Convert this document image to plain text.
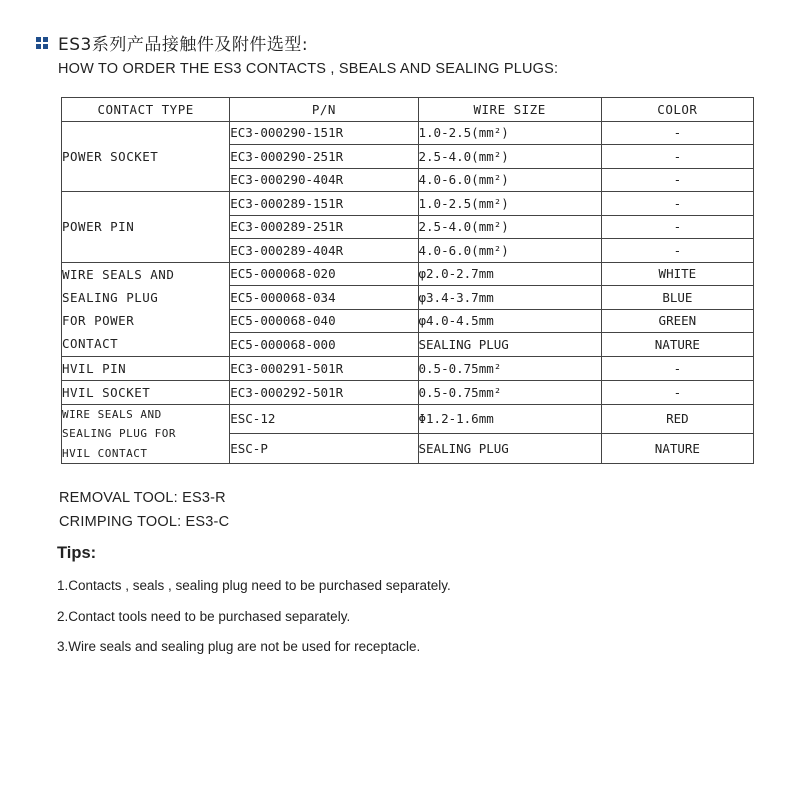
ES3系列产品接触件及附件选型:
HOW TO ORDER THE ES3 CONTACTS , SBEALS AND SEALING PLUGS:
CONTACT TYPE	P/N	WIRE SIZE	COLOR

POWER SOCKET	EC3-000290-151R	1.0-2.5(mm²)	-
	EC3-000290-251R	2.5-4.0(mm²)	-
	EC3-000290-404R	4.0-6.0(mm²)	-

POWER PIN	EC3-000289-151R	1.0-2.5(mm²)	-
	EC3-000289-251R	2.5-4.0(mm²)	-
	EC3-000289-404R	4.0-6.0(mm²)	-

WIRE SEALS AND
SEALING PLUG
FOR POWER
CONTACT	EC5-000068-020	φ2.0-2.7mm	WHITE
	EC5-000068-034	φ3.4-3.7mm	BLUE
	EC5-000068-040	φ4.0-4.5mm	GREEN
	EC5-000068-000	SEALING PLUG	NATURE

HVIL PIN	EC3-000291-501R	0.5-0.75mm²	-

HVIL SOCKET	EC3-000292-501R	0.5-0.75mm²	-

WIRE SEALS AND
SEALING PLUG FOR
HVIL CONTACT	ESC-12	Φ1.2-1.6mm	RED
	ESC-P	SEALING PLUG	NATURE
REMOVAL TOOL: ES3-R
CRIMPING TOOL: ES3-C
Tips:
1.Contacts , seals , sealing plug need to be purchased separately.
2.Contact tools need to be purchased separately.
3.Wire seals and sealing plug are not be used for receptacle.
